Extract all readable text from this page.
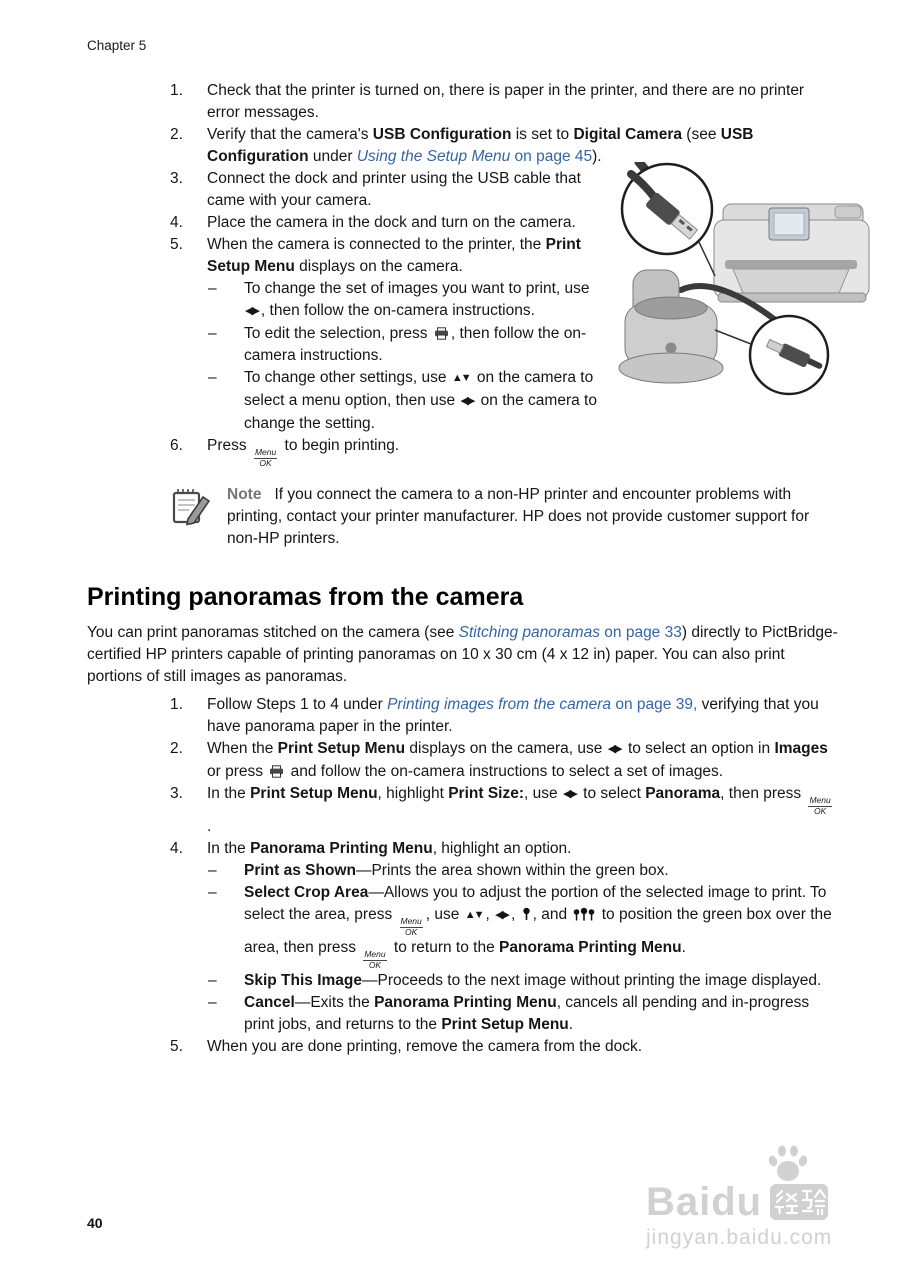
Chapter 5
1. Check that the printer is turned on, there is paper in the printer, and there are no printer error messages.
2. Verify that the camera's USB Configuration is set to Digital Camera (see USB Configuration under Using the Setup Menu on page 45).
3. Connect the dock and printer using the USB cable that came with your camera.
4. Place the camera in the dock and turn on the camera.
5. When the camera is connected to the printer, the Print Setup Menu displays on the camera.
– To change the set of images you want to print, use ◀▶ , then follow the on-camera instructions.
– To edit the selection, press , then follow the on-camera instructions.
– To change other settings, use ▲▼ on the camera to select a menu option, then use ◀▶ on the camera to change the setting.
6. Press Menu
OK
to begin printing.
Note If you connect the camera to a non-HP printer and encounter problems with printing, contact your printer manufacturer. HP does not provide customer support for non-HP printers.
Printing panoramas from the camera

You can print panoramas stitched on the camera (see Stitching panoramas on page 33) directly to PictBridge-certified HP printers capable of printing panoramas on 10 x 30 cm (4 x 12 in) paper. You can also print portions of still images as panoramas.

1. Follow Steps 1 to 4 under Printing images from the camera on page 39, verifying that you have panorama paper in the printer.
2. When the Print Setup Menu displays on the camera, use ◀▶ to select an option in Images or press  and follow the on-camera instructions to select a set of images.
3. In the Print Setup Menu, highlight Print Size:, use ◀▶ to select Panorama, then press Menu
OK
.
4. In the Panorama Printing Menu, highlight an option.
– Print as Shown—Prints the area shown within the green box.
– Select Crop Area—Allows you to adjust the portion of the selected image to print. To select the area, press Menu
OK
, use ▲▼ , ◀▶ , , and  to position the green box over the area, then press Menu
OK
to return to the Panorama Printing Menu.
– Skip This Image—Proceeds to the next image without printing the image displayed.
– Cancel—Exits the Panorama Printing Menu, cancels all pending and in-progress print jobs, and returns to the Print Setup Menu.
5. When you are done printing, remove the camera from the dock.
40	Bai du
jingyan.baidu.com
